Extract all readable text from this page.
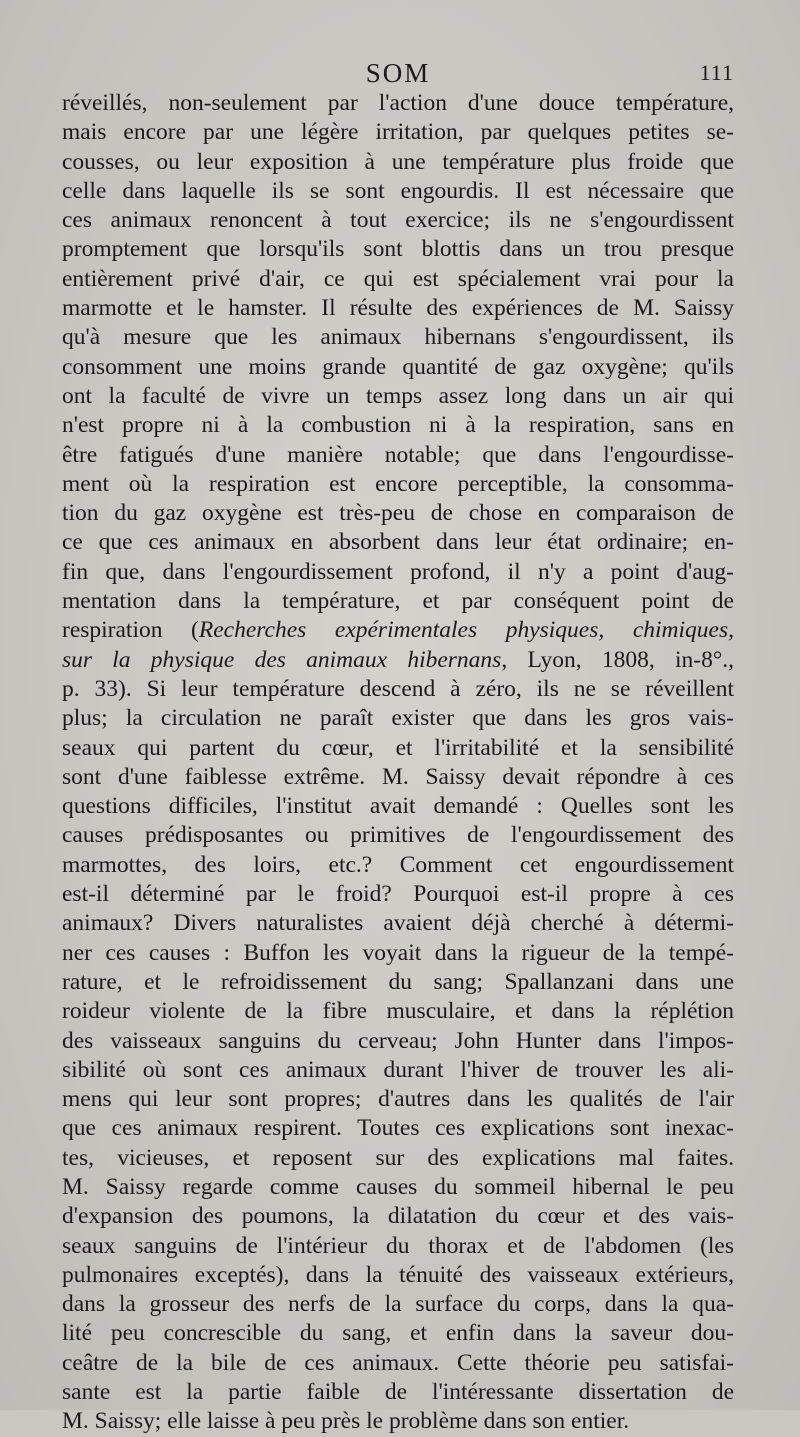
SOM	111
réveillés, non-seulement par l'action d'une douce température,
mais encore par une légère irritation, par quelques petites se-
cousses, ou leur exposition à une température plus froide que
celle dans laquelle ils se sont engourdis. Il est nécessaire que
ces animaux renoncent à tout exercice; ils ne s'engourdissent
promptement que lorsqu'ils sont blottis dans un trou presque
entièrement privé d'air, ce qui est spécialement vrai pour la
marmotte et le hamster. Il résulte des expériences de M. Saissy
qu'à mesure que les animaux hibernans s'engourdissent, ils
consomment une moins grande quantité de gaz oxygène; qu'ils
ont la faculté de vivre un temps assez long dans un air qui
n'est propre ni à la combustion ni à la respiration, sans en
être fatigués d'une manière notable; que dans l'engourdisse-
ment où la respiration est encore perceptible, la consomma-
tion du gaz oxygène est très-peu de chose en comparaison de
ce que ces animaux en absorbent dans leur état ordinaire; en-
fin que, dans l'engourdissement profond, il n'y a point d'aug-
mentation dans la température, et par conséquent point de
respiration (Recherches expérimentales physiques, chimiques,
sur la physique des animaux hibernans, Lyon, 1808, in-8°.,
p. 33). Si leur température descend à zéro, ils ne se réveillent
plus; la circulation ne paraît exister que dans les gros vais-
seaux qui partent du cœur, et l'irritabilité et la sensibilité
sont d'une faiblesse extrême. M. Saissy devait répondre à ces
questions difficiles, l'institut avait demandé : Quelles sont les
causes prédisposantes ou primitives de l'engourdissement des
marmottes, des loirs, etc.? Comment cet engourdissement
est-il déterminé par le froid? Pourquoi est-il propre à ces
animaux? Divers naturalistes avaient déjà cherché à détermi-
ner ces causes : Buffon les voyait dans la rigueur de la tempé-
rature, et le refroidissement du sang; Spallanzani dans une
roideur violente de la fibre musculaire, et dans la réplétion
des vaisseaux sanguins du cerveau; John Hunter dans l'impos-
sibilité où sont ces animaux durant l'hiver de trouver les ali-
mens qui leur sont propres; d'autres dans les qualités de l'air
que ces animaux respirent. Toutes ces explications sont inexac-
tes, vicieuses, et reposent sur des explications mal faites.
M. Saissy regarde comme causes du sommeil hibernal le peu
d'expansion des poumons, la dilatation du cœur et des vais-
seaux sanguins de l'intérieur du thorax et de l'abdomen (les
pulmonaires exceptés), dans la ténuité des vaisseaux extérieurs,
dans la grosseur des nerfs de la surface du corps, dans la qua-
lité peu concrescible du sang, et enfin dans la saveur dou-
ceâtre de la bile de ces animaux. Cette théorie peu satisfai-
sante est la partie faible de l'intéressante dissertation de
M. Saissy; elle laisse à peu près le problème dans son entier.
